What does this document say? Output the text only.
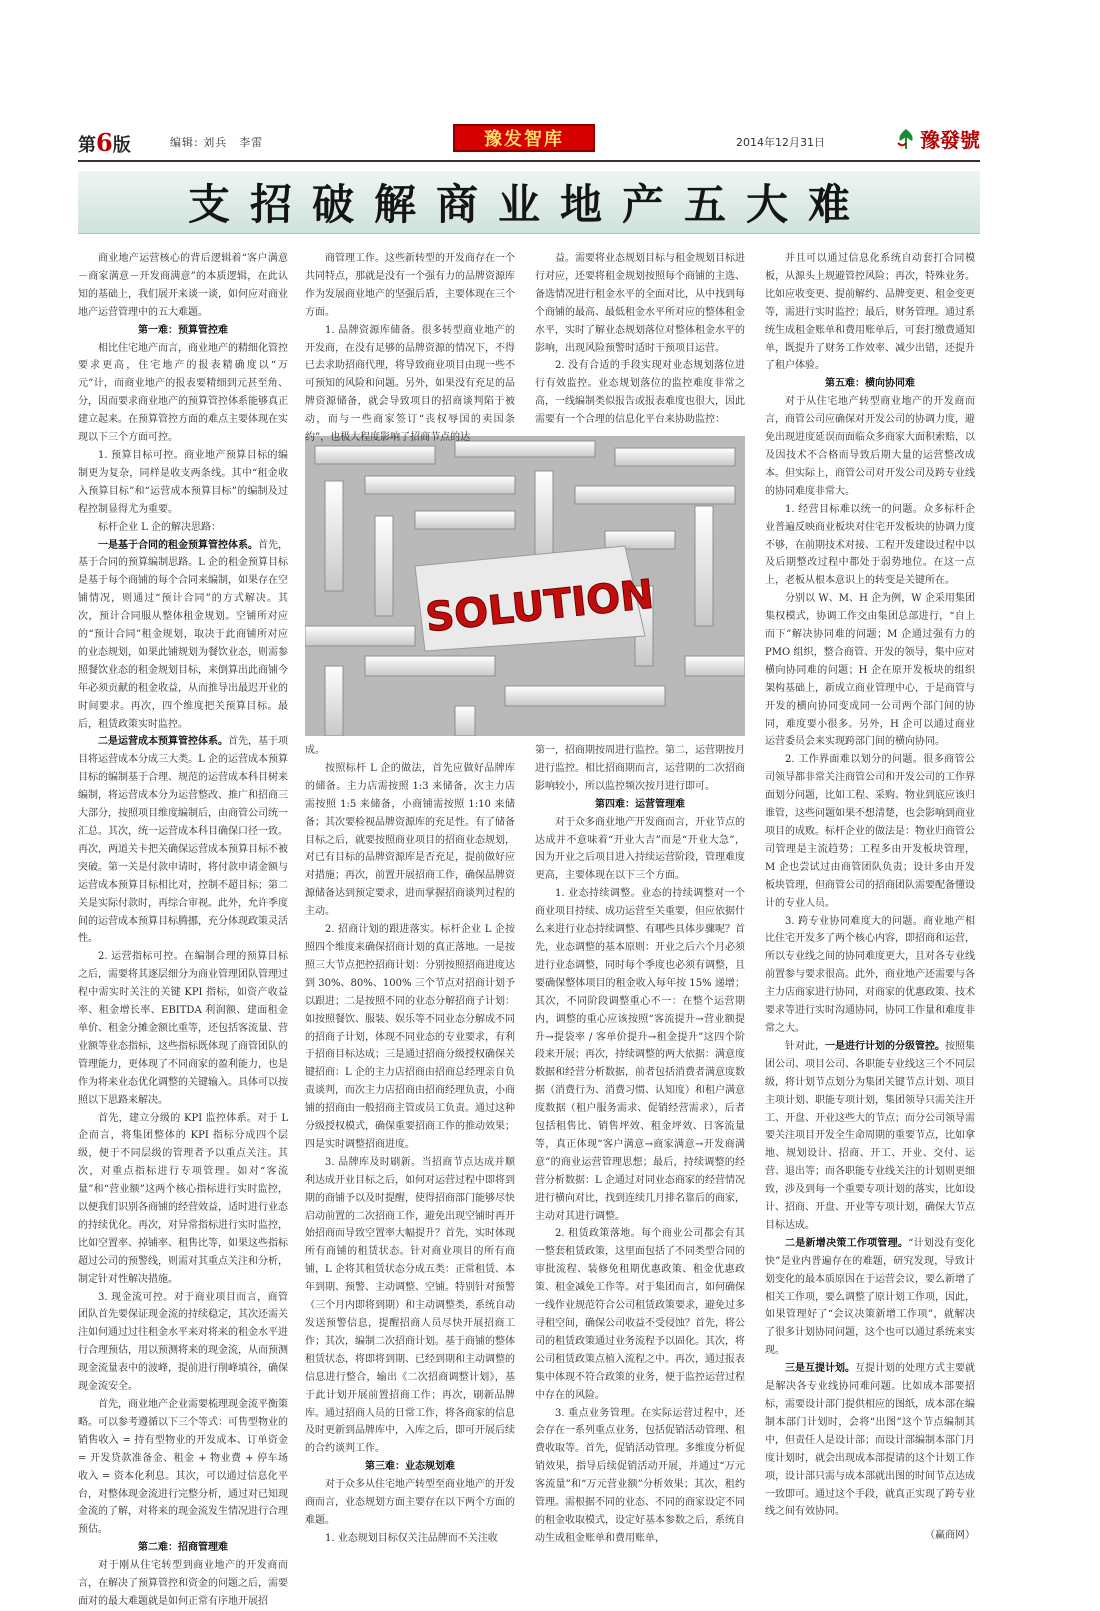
第6版	编辑: 刘兵　李雷	豫发智库	2014年12月31日	豫發號
支招破解商业地产五大难
SOLUTION

商业地产运营核心的背后逻辑着“客户满意－商家满意－开发商满意”的本质逻辑，在此认知的基础上，我们展开来谈一谈，如何应对商业地产运营管理中的五大难题。

第一难：预算管控难

相比住宅地产而言，商业地产的精细化管控要求更高，住宅地产的报表精确度以“万元”计，而商业地产的报表要精细到元甚至角、分，因而要求商业地产的预算管控体系能够真正建立起来。在预算管控方面的难点主要体现在实现以下三个方面可控。

1. 预算目标可控。商业地产预算目标的编制更为复杂，同样是收支两条线。其中“租金收入预算目标”和“运营成本预算目标”的编制及过程控制显得尤为重要。

标杆企业 L 企的解决思路：

一是基于合同的租金预算管控体系。首先，基于合同的预算编制思路。L 企的租金预算目标是基于每个商铺的每个合同来编制，如果存在空铺情况，则通过“预计合同”的方式解决。其次，预计合同服从整体租金规划。空铺所对应的“预计合同”租金规划，取决于此商铺所对应的业态规划，如果此铺规划为餐饮业态，则需参照餐饮业态的租金规划目标，来倒算出此商铺今年必须贡献的租金收益，从而推导出最迟开业的时间要求。再次，四个维度把关预算目标。最后，租赁政策实时监控。

二是运营成本预算管控体系。首先，基于项目将运营成本分成三大类。L 企的运营成本预算目标的编制基于合理、规范的运营成本科目树来编制，将运营成本分为运营整改、推广和招商三大部分，按照项目维度编制后，由商管公司统一汇总。其次，统一运营成本科目确保口径一致。再次，两道关卡把关确保运营成本预算目标不被突破。第一关是付款申请时，将付款申请金额与运营成本预算目标相比对，控制不超目标；第二关是实际付款时，再综合审视。此外，允许季度间的运营成本预算目标腾挪，充分体现政策灵活性。

2. 运营指标可控。在编制合理的预算目标之后，需要将其逐层细分为商业管理团队管理过程中需实时关注的关键 KPI 指标，如资产收益率、租金增长率、EBITDA 利润额、建面租金单价、租金分摊金额比重等，还包括客流量、营业额等业态指标，这些指标既体现了商管团队的管理能力，更体现了不同商家的盈利能力，也是作为将来业态优化调整的关键输入。具体可以按照以下思路来解决。

首先，建立分级的 KPI 监控体系。对于 L 企而言，将集团整体的 KPI 指标分成四个层级，便于不同层级的管理者予以重点关注。其次，对重点指标进行专项管理。如对“客流量”和“营业额”这两个核心指标进行实时监控，以便我们识别各商铺的经营效益，适时进行业态的持续优化。再次，对异常指标进行实时监控，比如空置率、掉铺率、租售比等，如果这些指标超过公司的预警线，则需对其重点关注和分析，制定针对性解决措施。

3. 现金流可控。对于商业项目而言，商管团队首先要保证现金流的持续稳定，其次还需关注如何通过过往租金水平来对将来的租金水平进行合理预估，用以预测将来的现金流，从而预测现金流量表中的波峰，提前进行削峰填谷，确保现金流安全。

首先，商业地产企业需要梳理现金流平衡策略。可以参考遵循以下三个等式：可售型物业的销售收入 = 持有型物业的开发成本、订单资金 = 开发贷款准备金、租金 + 物业费 + 停车场收入 = 资本化利息。其次，可以通过信息化平台，对整体现金流进行完整分析，通过对已知现金流的了解，对将来的现金流发生情况进行合理预估。

第二难：招商管理难

对于刚从住宅转型到商业地产的开发商而言，在解决了预算管控和资金的问题之后，需要面对的最大难题就是如何正常有序地开展招

商管理工作。这些新转型的开发商存在一个共同特点，那就是没有一个强有力的品牌资源库作为发展商业地产的坚强后盾，主要体现在三个方面。

1. 品牌资源库储备。很多转型商业地产的开发商，在没有足够的品牌资源的情况下，不得已去求助招商代理，将导致商业项目由现一些不可预知的风险和问题。另外，如果没有充足的品牌资源储备，就会导致项目的招商谈判陷于被动，而与一些商家签订“丧权辱国的卖国条约”，也极大程度影响了招商节点的达

成。

按照标杆 L 企的做法，首先应做好品牌库的储备。主力店需按照 1:3 来储备，次主力店需按照 1:5 来储备，小商铺需按照 1:10 来储备；其次要检视品牌资源库的充足性。有了储备目标之后，就要按照商业项目的招商业态规划，对已有目标的品牌资源库是否充足，提前做好应对措施；再次，前置开展招商工作，确保品牌资源储备达到预定要求，进而掌握招商谈判过程的主动。

2. 招商计划的跟进落实。标杆企业 L 企按照四个维度来确保招商计划的真正落地。一是按照三大节点把控招商计划：分别按照招商进度达到 30%、80%、100% 三个节点对招商计划予以跟进；二是按照不同的业态分解招商子计划：如按照餐饮、服装、娱乐等不同业态分解成不同的招商子计划，体现不同业态的专业要求，有利于招商目标达成；三是通过招商分级授权确保关键招商：L 企的主力店招商由招商总经理亲自负责谈判，而次主力店招商由招商经理负责，小商铺的招商由一般招商主管或员工负责。通过这种分级授权模式，确保重要招商工作的推动效果；四是实时调整招商进度。

3. 品牌库及时刷新。当招商节点达成并顺利达成开业目标之后，如何对运营过程中即将到期的商铺予以及时提醒，使得招商部门能够尽快启动前置的二次招商工作，避免出现空铺时再开始招商而导致空置率大幅提升？首先，实时体现所有商铺的租赁状态。针对商业项目的所有商铺，L 企将其租赁状态分成五类：正常租赁、本年到期、预警、主动调整、空铺。特别针对预警（三个月内即将到期）和主动调整类，系统自动发送预警信息，提醒招商人员尽快开展招商工作；其次，编制二次招商计划。基于商铺的整体租赁状态，将即将到期、已经到期和主动调整的信息进行整合，输出《二次招商调整计划》，基于此计划开展前置招商工作；再次，刷新品牌库。通过招商人员的日常工作，将各商家的信息及时更新到品牌库中，入库之后，即可开展后续的合约谈判工作。

第三难：业态规划难

对于众多从住宅地产转型至商业地产的开发商而言，业态规划方面主要存在以下两个方面的难题。

1. 业态规划目标仅关注品牌而不关注收

益。需要将业态规划目标与租金规划目标进行对应，还要将租金规划按照每个商铺的主选、备选情况进行租金水平的全面对比，从中找到每个商铺的最高、最低租金水平所对应的整体租金水平，实时了解业态规划落位对整体租金水平的影响，出现风险预警时适时干预项目运营。

2. 没有合适的手段实现对业态规划落位进行有效监控。业态规划落位的监控难度非常之高，一线编制类似报告或报表难度也很大，因此需要有一个合理的信息化平台来协助监控：

第一，招商期按周进行监控。第二，运营期按月进行监控。相比招商期而言，运营期的二次招商影响较小，所以监控频次按月进行即可。

第四难：运营管理难

对于众多商业地产开发商而言，开业节点的达成并不意味着“开业大吉”而是“开业大急”，因为开业之后项目进入持续运营阶段，管理难度更高，主要体现在以下三个方面。

1. 业态持续调整。业态的持续调整对一个商业项目持续、成功运营至关重要，但应依据什么来进行业态持续调整、有哪些具体步骤呢？首先，业态调整的基本原则：开业之后六个月必须进行业态调整，同时每个季度也必须有调整，且要确保整体项目的租金收入每年按 15% 递增；其次，不同阶段调整重心不一：在整个运营期内，调整的重心应该按照“客流提升→营业额提升→提袋率 / 客单价提升→租金提升”这四个阶段来开展；再次，持续调整的两大依据：满意度数据和经营分析数据，前者包括消费者满意度数据（消费行为、消费习惯、认知度）和租户满意度数据（租户服务需求、促销经营需求），后者包括租售比、销售坪效、租金坪效、日客流量等，真正体现“客户满意→商家满意→开发商满意”的商业运营管理思想；最后，持续调整的经营分析数据：L 企通过对同业态商家的经营情况进行横向对比，找到连续几月排名靠后的商家，主动对其进行调整。

2. 租赁政策落地。每个商业公司都会有其一整套租赁政策，这里面包括了不同类型合同的审批流程、装修免租期优惠政策、租金优惠政策、租金减免工作等。对于集团而言，如何确保一线作业规范符合公司租赁政策要求，避免过多寻租空间，确保公司收益不受侵蚀？首先，将公司的租赁政策通过业务流程予以固化。其次，将公司租赁政策点植入流程之中。再次，通过报表集中体现不符合政策的业务，便于监控运营过程中存在的风险。

3. 重点业务管理。在实际运营过程中，还会存在一系列重点业务，包括促销活动管理、租费收取等。首先，促销活动管理。多维度分析促销效果，指导后续促销活动开展，并通过“万元客流量”和“万元营业额”分析效果；其次，租约管理。需根据不同的业态、不同的商家设定不同的租金收取模式，设定好基本参数之后，系统自动生成租金账单和费用账单，

并且可以通过信息化系统自动套打合同模板，从源头上规避管控风险；再次，特殊业务。比如应收变更、提前解约、品牌变更、租金变更等，需进行实时监控；最后，财务管理。通过系统生成租金账单和费用账单后，可套打缴费通知单，既提升了财务工作效率、减少出错，还提升了租户体验。

第五难：横向协同难

对于从住宅地产转型商业地产的开发商而言，商管公司应确保对开发公司的协调力度，避免出现进度延误而面临众多商家大面积索赔，以及因技术不合格而导致后期大量的运营整改成本。但实际上，商管公司对开发公司及跨专业线的协同难度非常大。

1. 经营目标难以统一的问题。众多标杆企业普遍反映商业板块对住宅开发板块的协调力度不够，在前期技术对接、工程开发建设过程中以及后期整改过程中都处于弱势地位。在这一点上，老板从根本意识上的转变是关键所在。

分别以 W、M、H 企为例，W 企采用集团集权模式，协调工作交由集团总部进行，“自上而下”解决协同难的问题；M 企通过强有力的 PMO 组织，整合商管、开发的领导，集中应对横向协同难的问题；H 企在原开发板块的组织架构基础上，新成立商业管理中心，于是商管与开发的横向协同变成同一公司两个部门间的协同，难度要小很多。另外，H 企可以通过商业运营委员会来实现跨部门间的横向协同。

2. 工作界面难以划分的问题。很多商管公司领导都非常关注商管公司和开发公司的工作界面划分问题，比如工程、采购、物业到底应该归谁管，这些问题如果不想清楚，也会影响到商业项目的成败。标杆企业的做法是：物业归商管公司管理是主流趋势；工程多由开发板块管理，M 企也尝试过由商管团队负责；设计多由开发板块管理，但商管公司的招商团队需要配备懂设计的专业人员。

3. 跨专业协同难度大的问题。商业地产相比住宅开发多了两个核心内容，即招商和运营，所以专业线之间的协同难度更大，且对各专业线前置参与要求很高。此外，商业地产还需要与各主力店商家进行协同，对商家的优惠政策、技术要求等进行实时沟通协同，协同工作量和难度非常之大。

针对此，一是进行计划的分级管控。按照集团公司、项目公司、各职能专业线这三个不同层级，将计划节点划分为集团关键节点计划、项目主项计划、职能专项计划，集团领导只需关注开工、开盘、开业这些大的节点；而分公司领导需要关注项目开发全生命周期的重要节点，比如拿地、规划设计、招商、开工、开业、交付、运营、退出等；而各职能专业线关注的计划则更细致，涉及到每一个重要专项计划的落实，比如设计、招商、开盘、开业等专项计划，确保大节点目标达成。

二是新增决策工作项管理。“计划没有变化快”是业内普遍存在的难题，研究发现，导致计划变化的最本质原因在于运营会议，要么新增了相关工作项，要么调整了原计划工作项，因此，如果管理好了“会议决策新增工作项”，就解决了很多计划协同问题，这个也可以通过系统来实现。

三是互提计划。互提计划的处理方式主要就是解决各专业线协同难问题。比如成本部要招标，需要设计部门提供相应的图纸，成本部在编制本部门计划时，会将“出图”这个节点编制其中，但责任人是设计部；而设计部编制本部门月度计划时，就会出现成本部提请的这个计划工作项，设计部只需与成本部就出图的时间节点达成一致即可。通过这个手段，就真正实现了跨专业线之间有效协同。

（赢商网）
